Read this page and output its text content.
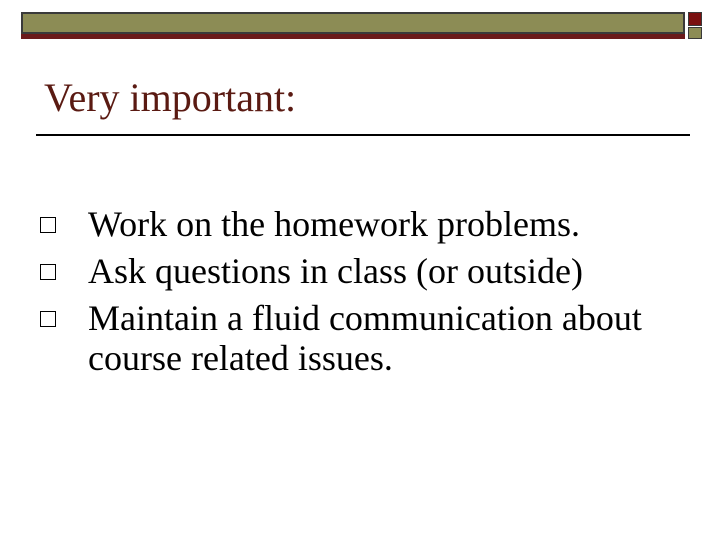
Very important:
Work on the homework problems.
Ask questions in class (or outside)
Maintain a fluid communication about course related issues.
